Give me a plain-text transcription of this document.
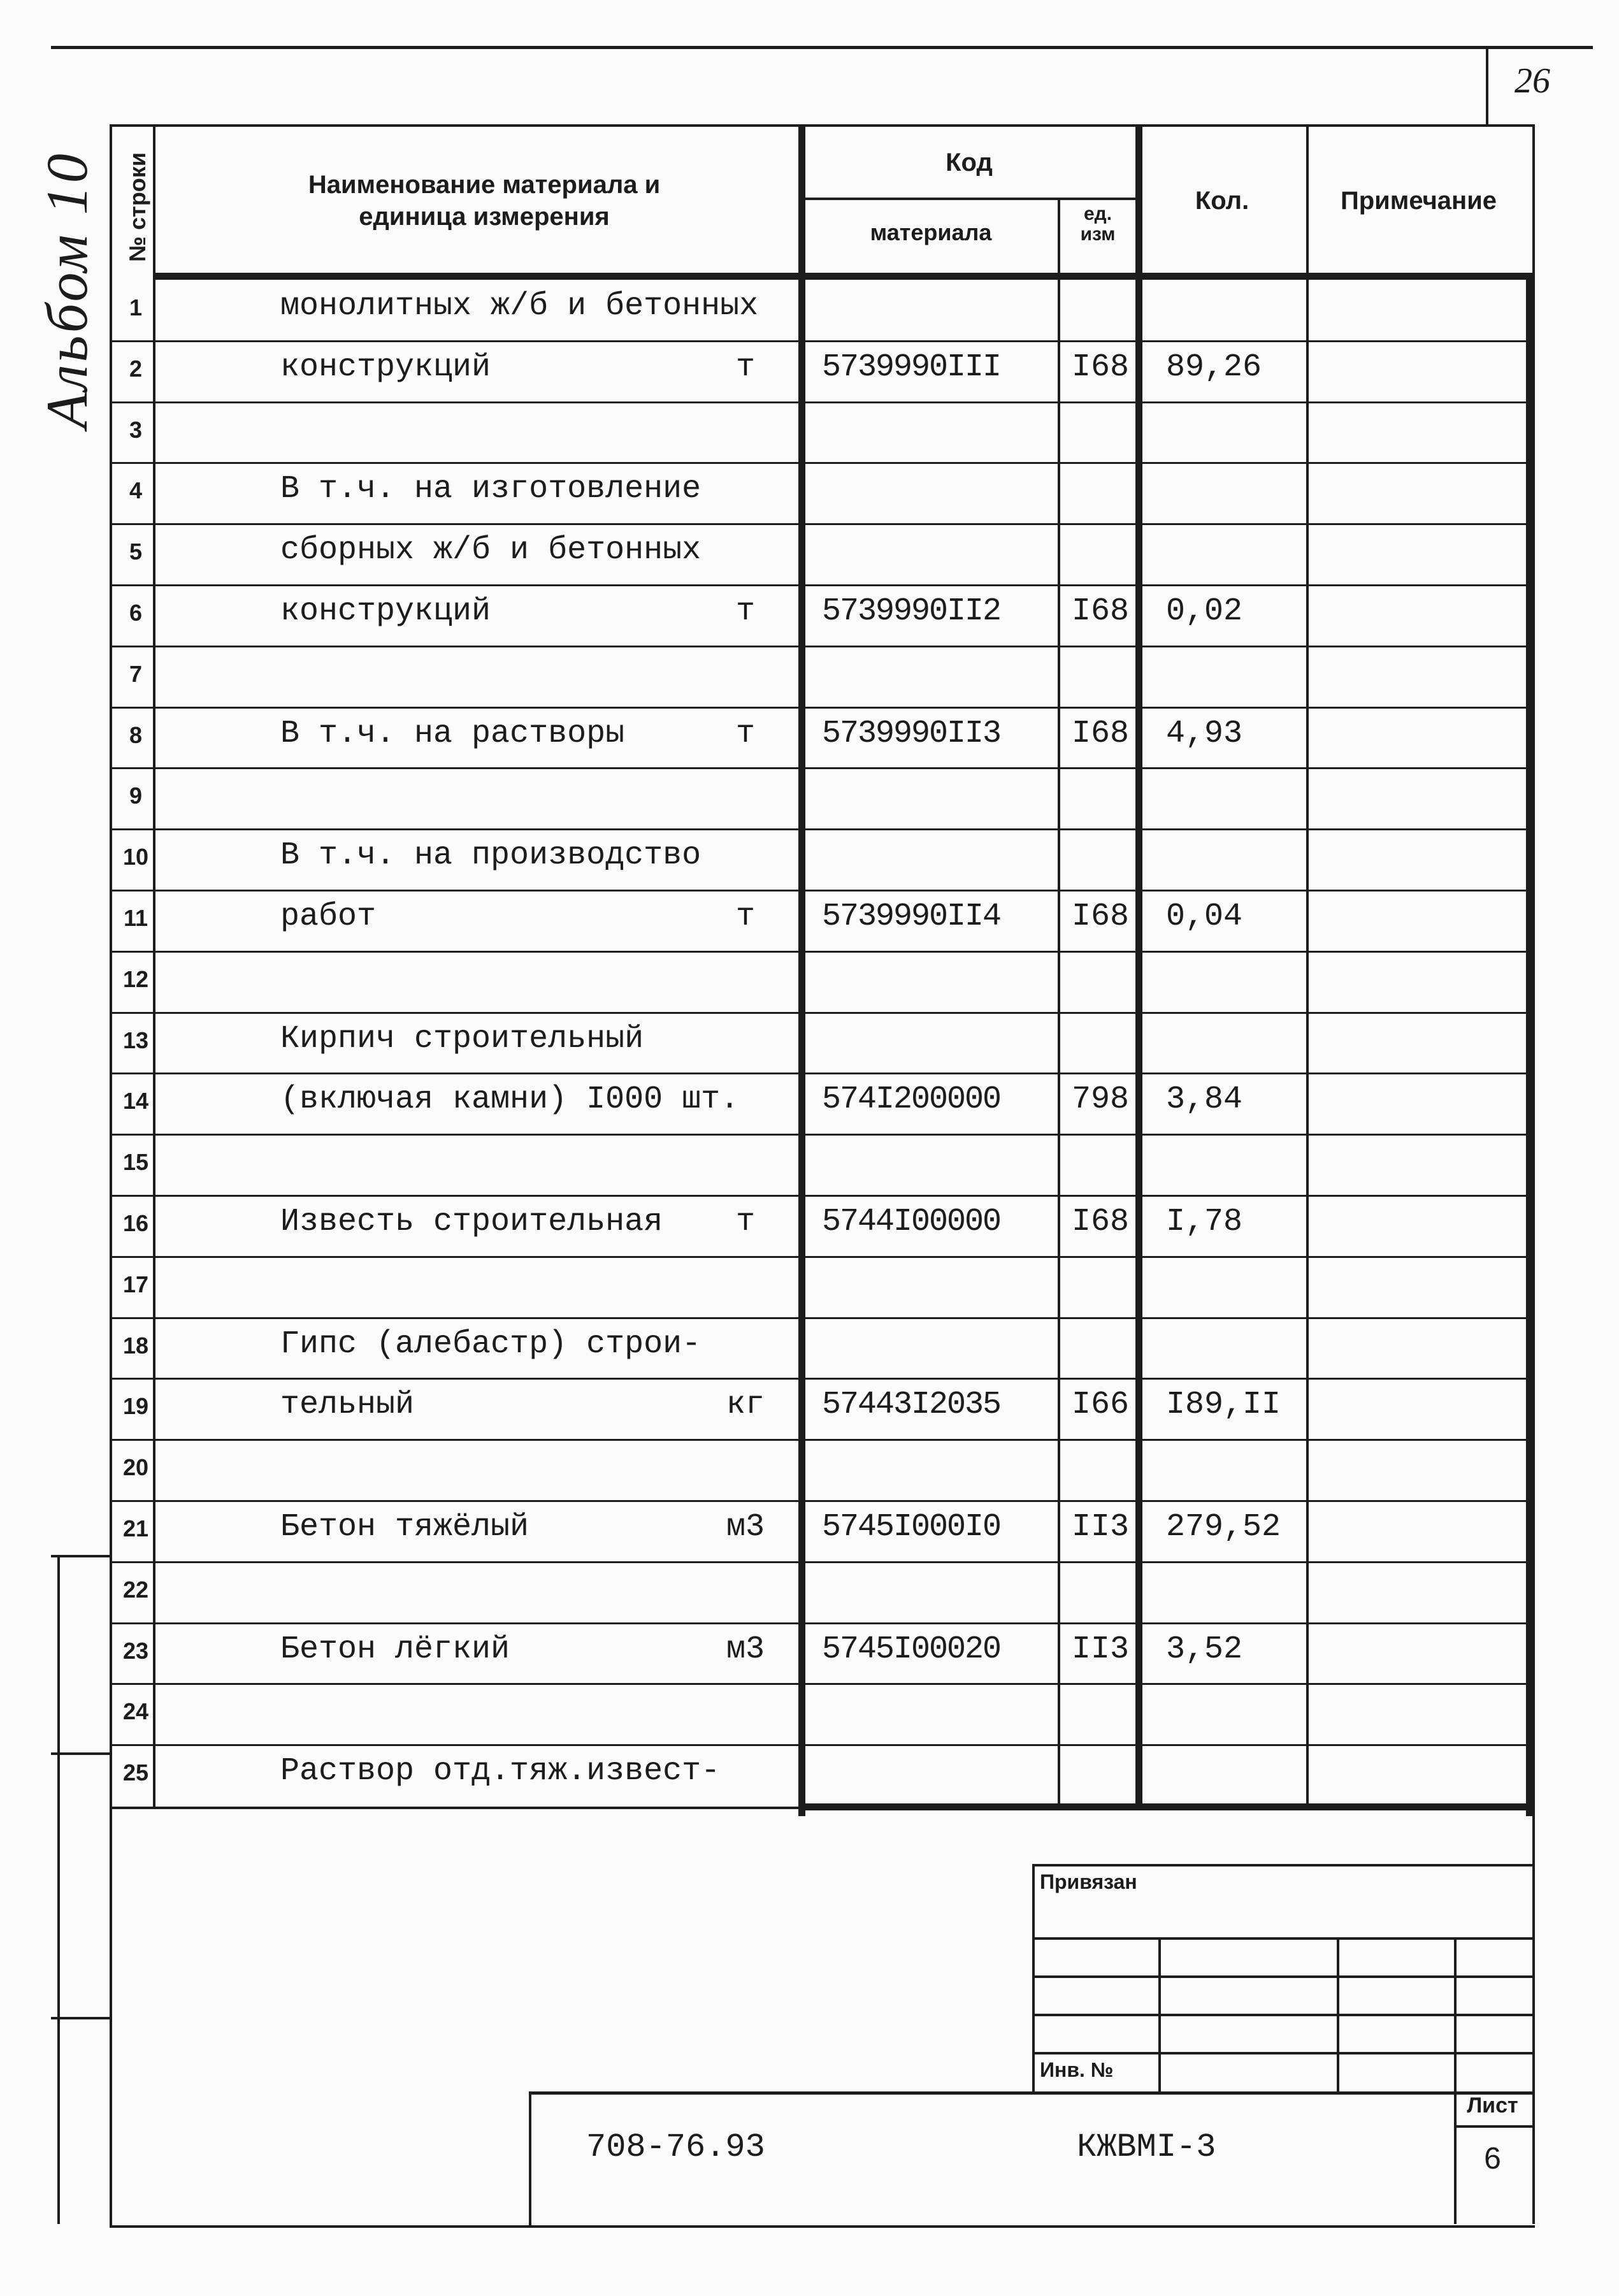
26
Альбом 10 № строки	Наименование материала и
единица измерения
Код
материала
ед.
изм
Кол.	Примечание
1	монолитных ж/б и бетонных
2	конструкций	т	5739990III	I68 89,26
3
4	В т.ч. на изготовление
5	сборных ж/б и бетонных
6	конструкций	т	5739990II2	I68 0,02
7
8	В т.ч. на растворы	т	5739990II3	I68 4,93
9
10	В т.ч. на производство
11	работ	т	5739990II4	I68 0,04
12
13	Кирпич строительный
14	(включая камни) I000 шт.	574I200000	798 3,84
15
16	Известь строительная т	5744I00000	I68 I,78
17
18	Гипс (алебастр) строи-
19	тельный	кг 57443I2035	I66 I89,II
20
21	Бетон тяжёлый	м3 5745I000I0	II3 279,52
22
23	Бетон лёгкий	м3 5745I00020	II3 3,52
24
25	Раствор отд.тяж.извест-
Привязан
Инв. №
708-76.93	КЖВМI-3
Лист
6
